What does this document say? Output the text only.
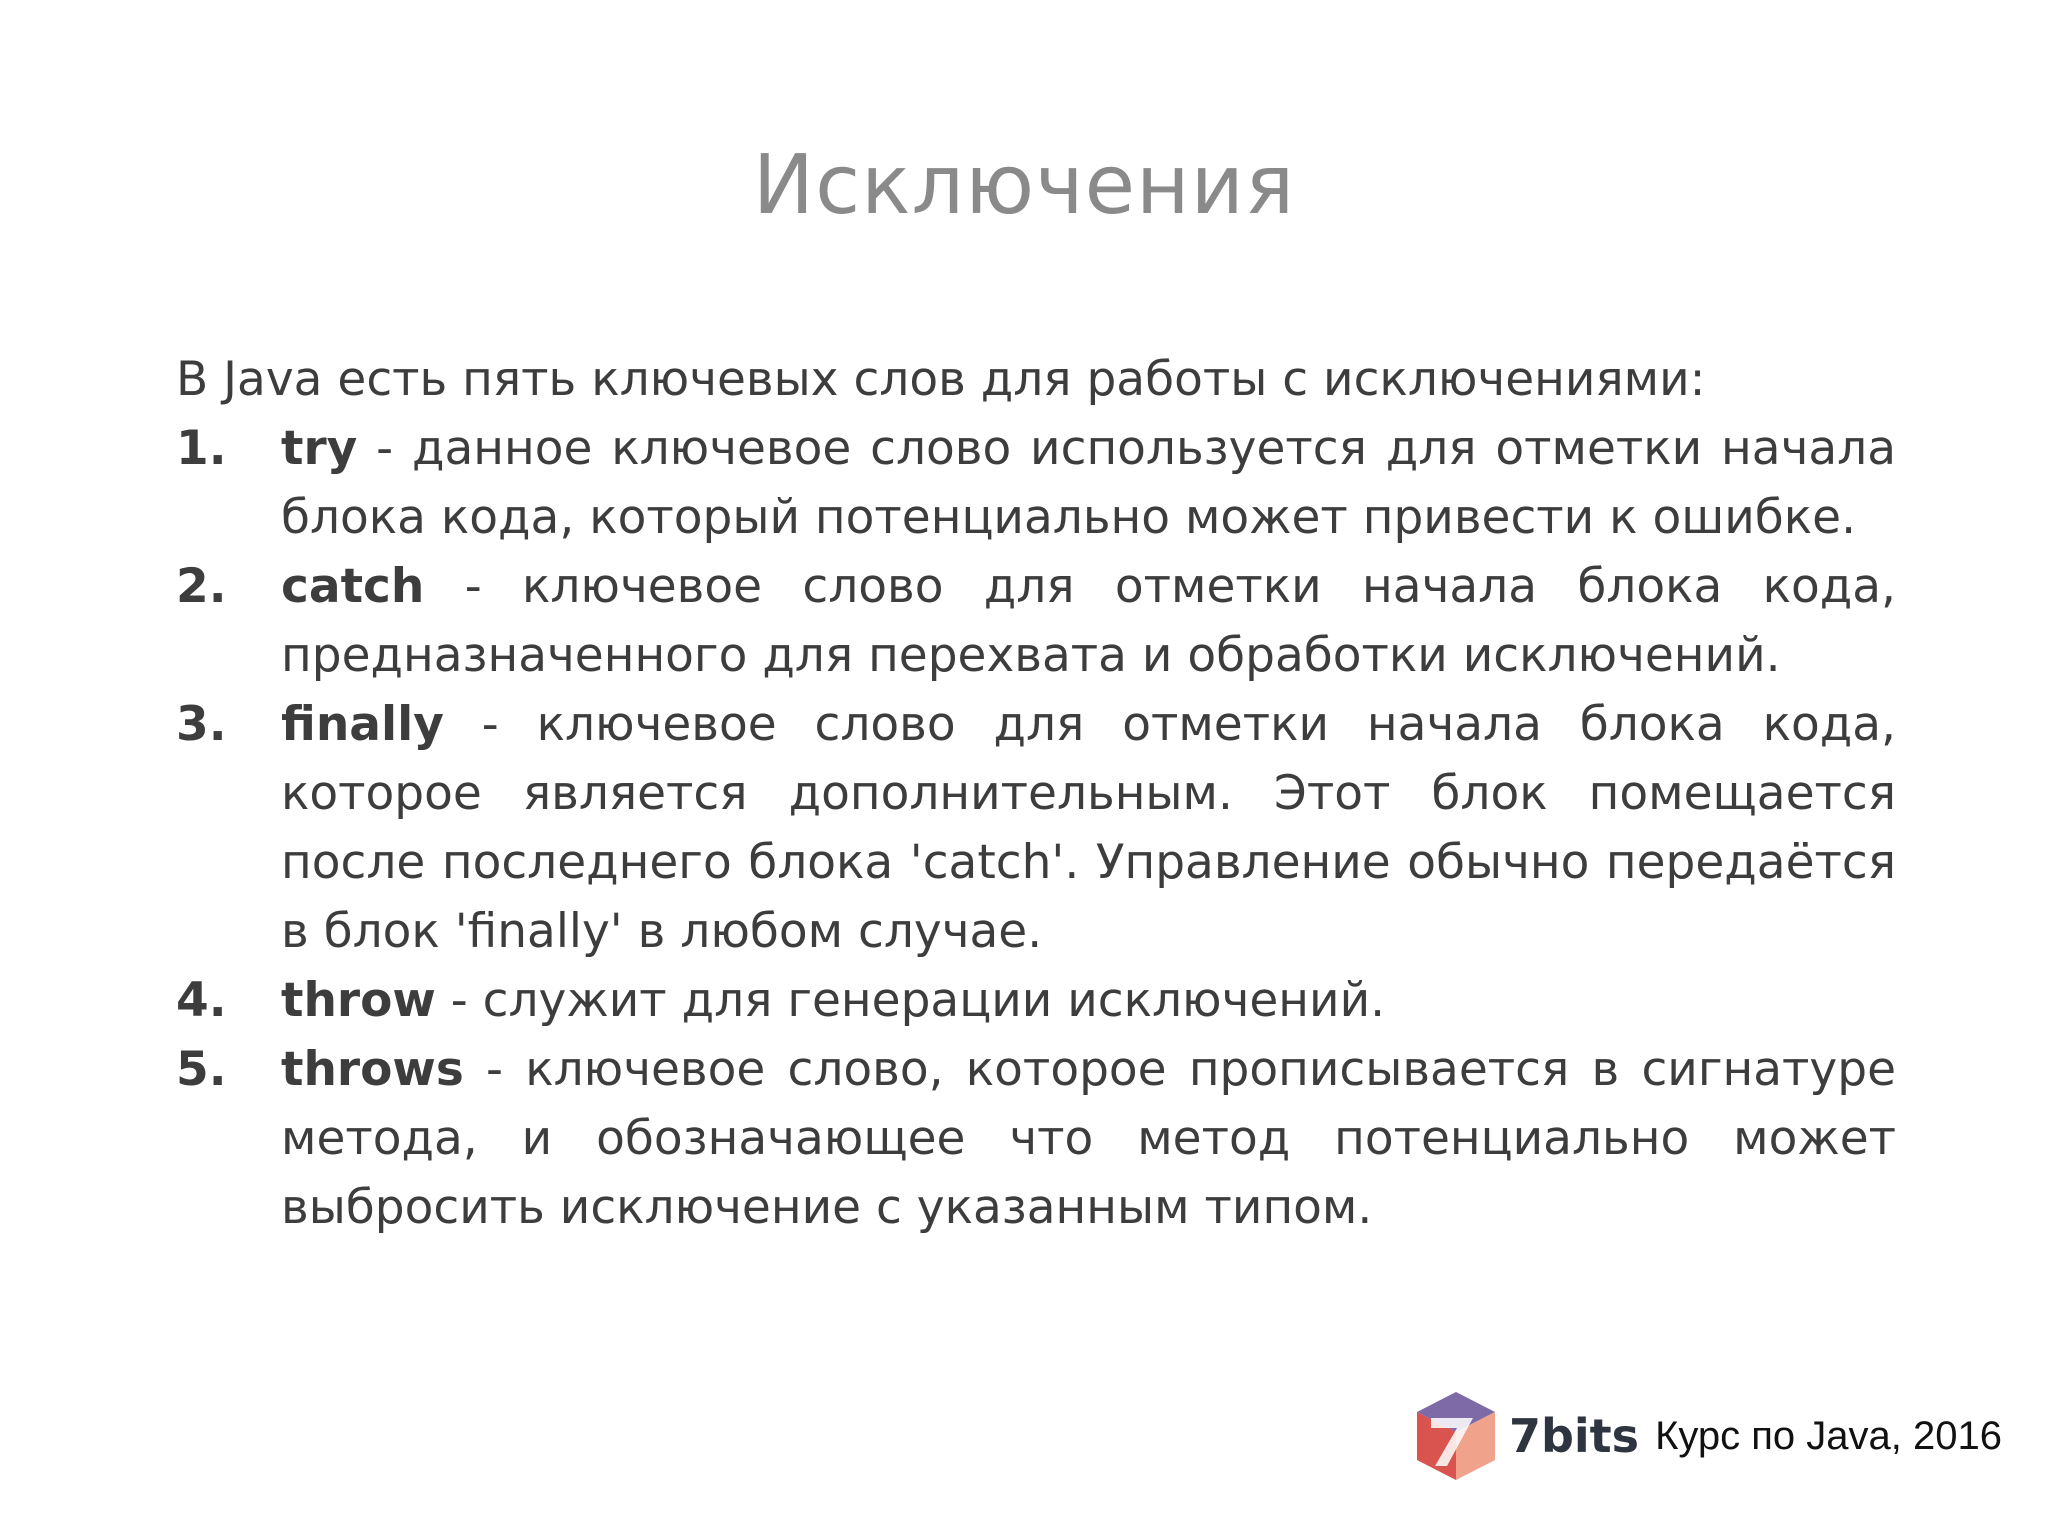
Исключения

В Java есть пять ключевых слов для работы с исключениями:

1. try - данное ключевое слово используется для отметки начала блока кода, который потенциально может привести к ошибке.
2. catch - ключевое слово для отметки начала блока кода, предназначенного для перехвата и обработки исключений.
3. finally - ключевое слово для отметки начала блока кода, которое является дополнительным. Этот блок помещается после последнего блока 'catch'. Управление обычно передаётся в блок 'finally' в любом случае.
4. throw - служит для генерации исключений.
5. throws - ключевое слово, которое прописывается в сигнатуре метода, и обозначающее что метод потенциально может выбросить исключение с указанным типом.
7bits Курс по Java, 2016
